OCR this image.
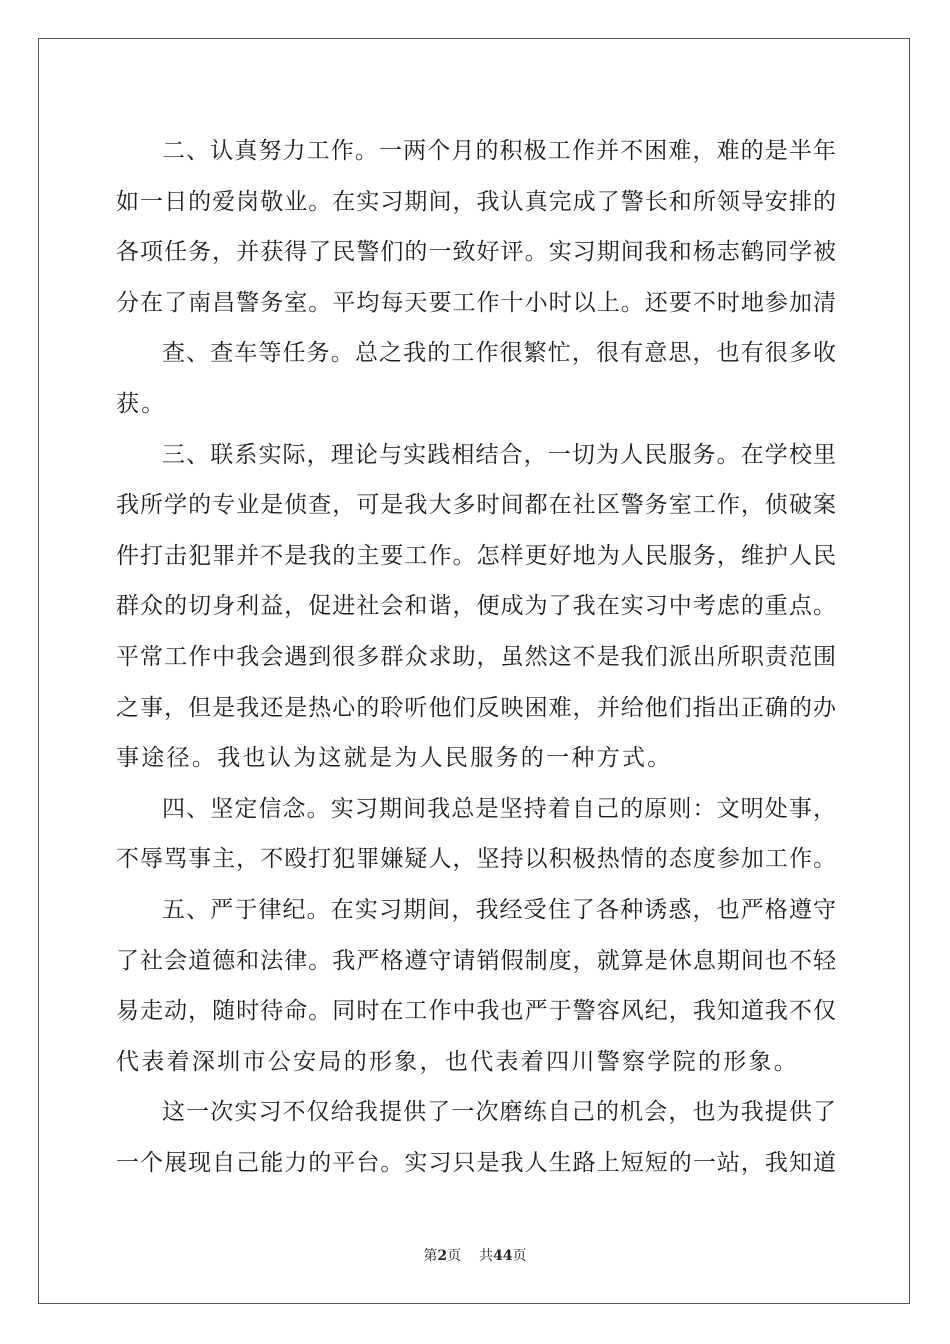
二、认真努力工作。一两个月的积极工作并不困难，难的是半年
如一日的爱岗敬业。在实习期间，我认真完成了警长和所领导安排的
各项任务，并获得了民警们的一致好评。实习期间我和杨志鹤同学被
分在了南昌警务室。平均每天要工作十小时以上。还要不时地参加清
查、查车等任务。总之我的工作很繁忙，很有意思，也有很多收
获。
三、联系实际，理论与实践相结合，一切为人民服务。在学校里
我所学的专业是侦查，可是我大多时间都在社区警务室工作，侦破案
件打击犯罪并不是我的主要工作。怎样更好地为人民服务，维护人民
群众的切身利益，促进社会和谐，便成为了我在实习中考虑的重点。
平常工作中我会遇到很多群众求助，虽然这不是我们派出所职责范围
之事，但是我还是热心的聆听他们反映困难，并给他们指出正确的办
事途径。我也认为这就是为人民服务的一种方式。
四、坚定信念。实习期间我总是坚持着自己的原则：文明处事，
不辱骂事主，不殴打犯罪嫌疑人，坚持以积极热情的态度参加工作。
五、严于律纪。在实习期间，我经受住了各种诱惑，也严格遵守
了社会道德和法律。我严格遵守请销假制度，就算是休息期间也不轻
易走动，随时待命。同时在工作中我也严于警容风纪，我知道我不仅
代表着深圳市公安局的形象，也代表着四川警察学院的形象。
这一次实习不仅给我提供了一次磨练自己的机会，也为我提供了
一个展现自己能力的平台。实习只是我人生路上短短的一站，我知道
第2页 共44页
